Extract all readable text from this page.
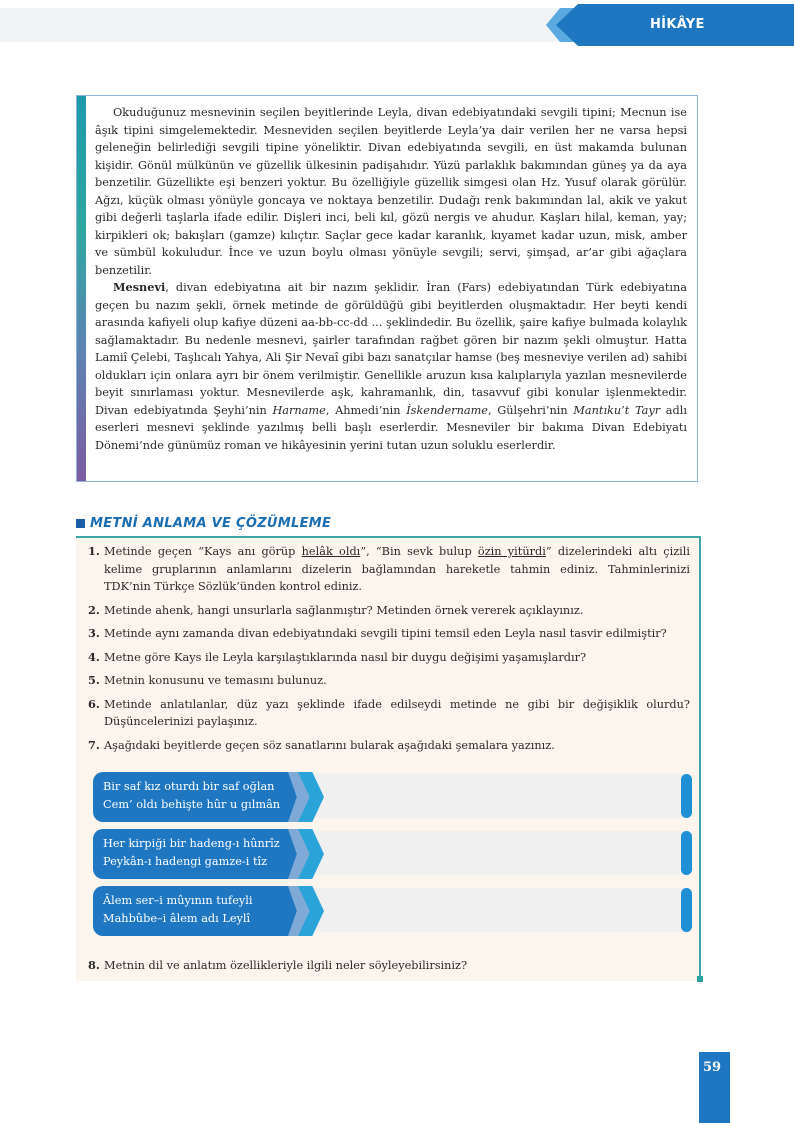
HİKÂYE

Okuduğunuz mesnevinin seçilen beyitlerinde Leyla, divan edebiyatındaki sevgili tipini; Mecnun ise âşık tipini simgelemektedir. Mesneviden seçilen beyitlerde Leyla’ya dair verilen her ne varsa hepsi geleneğin belirlediği sevgili tipine yöneliktir. Divan edebiyatında sevgili, en üst makamda bulunan kişidir. Gönül mülkünün ve güzellik ülkesinin padişahıdır. Yüzü parlaklık bakımından güneş ya da aya benzetilir. Güzellikte eşi benzeri yoktur. Bu özelliğiyle güzellik simgesi olan Hz. Yusuf olarak görülür. Ağzı, küçük olması yönüyle goncaya ve noktaya benzetilir. Dudağı renk bakımından lal, akik ve yakut gibi değerli taşlarla ifade edilir. Dişleri inci, beli kıl, gözü nergis ve ahudur. Kaşları hilal, keman, yay; kirpikleri ok; bakışları (gamze) kılıçtır. Saçlar gece kadar karanlık, kıyamet kadar uzun, misk, amber ve sümbül kokuludur. İnce ve uzun boylu olması yönüyle sevgili; servi, şimşad, ar’ar gibi ağaçlara benzetilir.

Mesnevi, divan edebiyatına ait bir nazım şeklidir. İran (Fars) edebiyatından Türk edebiyatına geçen bu nazım şekli, örnek metinde de görüldüğü gibi beyitlerden oluşmaktadır. Her beyti kendi arasında kafiyeli olup kafiye düzeni aa-bb-cc-dd ... şeklindedir. Bu özellik, şaire kafiye bulmada kolaylık sağlamaktadır. Bu nedenle mesnevi, şairler tarafından rağbet gören bir nazım şekli olmuştur. Hatta Lamiî Çelebi, Taşlıcalı Yahya, Ali Şir Nevaî gibi bazı sanatçılar hamse (beş mesneviye verilen ad) sahibi oldukları için onlara ayrı bir önem verilmiştir. Genellikle aruzun kısa kalıplarıyla yazılan mesnevilerde beyit sınırlaması yoktur. Mesnevilerde aşk, kahramanlık, din, tasavvuf gibi konular işlenmektedir. Divan edebiyatında Şeyhi’nin Harname, Ahmedi’nin İskendername, Gülşehri’nin Mantıku’t Tayr adlı eserleri mesnevi şeklinde yazılmış belli başlı eserlerdir. Mesneviler bir bakıma Divan Edebiyatı Dönemi’nde günümüz roman ve hikâyesinin yerini tutan uzun soluklu eserlerdir.

METNİ ANLAMA VE ÇÖZÜMLEME
1. Metinde geçen “Kays anı görüp helâk oldı”, “Bin sevk bulup özin yitürdi” dizelerindeki altı çizili kelime gruplarının anlamlarını dizelerin bağlamından hareketle tahmin ediniz. Tahminlerinizi TDK’nin Türkçe Sözlük’ünden kontrol ediniz.
2. Metinde ahenk, hangi unsurlarla sağlanmıştır? Metinden örnek vererek açıklayınız.
3. Metinde aynı zamanda divan edebiyatındaki sevgili tipini temsil eden Leyla nasıl tasvir edilmiştir?
4. Metne göre Kays ile Leyla karşılaştıklarında nasıl bir duygu değişimi yaşamışlardır?
5. Metnin konusunu ve temasını bulunuz.
6. Metinde anlatılanlar, düz yazı şeklinde ifade edilseydi metinde ne gibi bir değişiklik olurdu? Düşüncelerinizi paylaşınız.
7. Aşağıdaki beyitlerde geçen söz sanatlarını bularak aşağıdaki şemalara yazınız.
Bir saf kız oturdı bir saf oğlan
Cem’ oldı behişte hûr u gılmân
Her kirpiği bir hadeng-ı hûnrîz
Peykân-ı hadengi gamze-i tîz
Âlem ser–i mûyının tufeyli
Mahbûbe–i âlem adı Leylî
8. Metnin dil ve anlatım özellikleriyle ilgili neler söyleyebilirsiniz?
59
